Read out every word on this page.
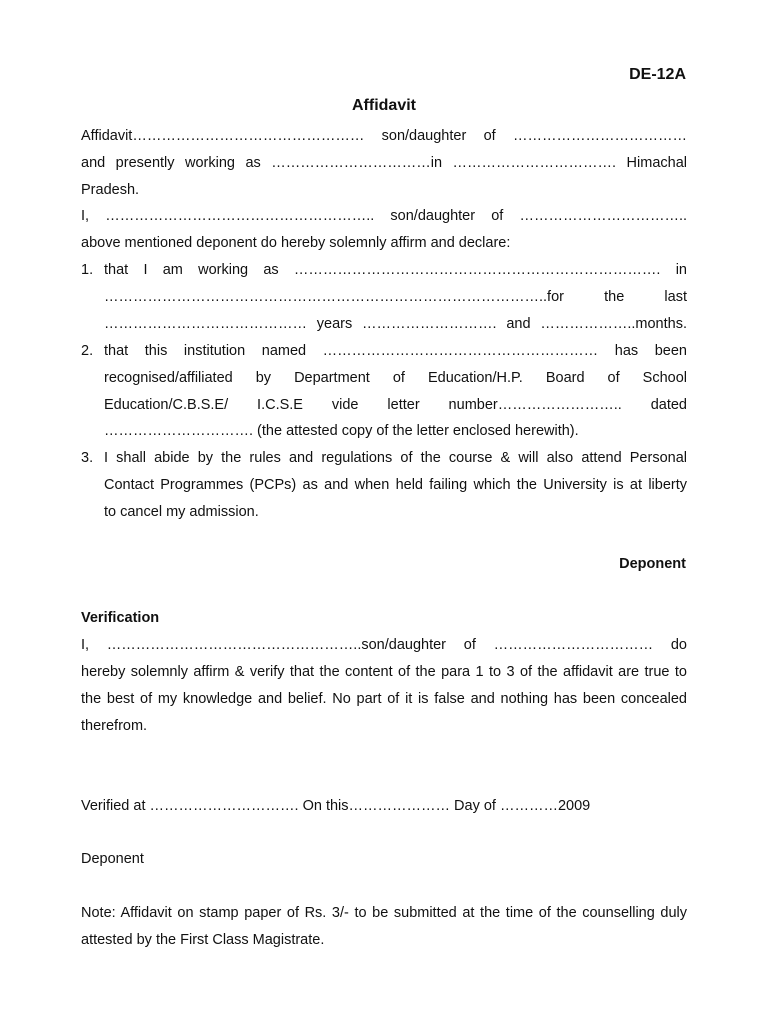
DE-12A
Affidavit
Affidavit………………………………………… son/daughter of ………………………………
and presently working as ……………………………in ……………………………. Himachal
Pradesh.
I, ……………………………………………….. son/daughter of ……………………………..
above mentioned deponent do hereby solemnly affirm and declare:
1. that I am working as …………………………………………………………………. in
………………………………………………………………………………..for the last
…………………………………… years ………………………. and ………………..months.
2. that this institution named ………………………………………………… has been
recognised/affiliated by Department of Education/H.P. Board of School
Education/C.B.S.E/ I.C.S.E vide letter number…………………….. dated
…………………………. (the attested copy of the letter enclosed herewith).
3. I shall abide by the rules and regulations of the course & will also attend Personal
Contact Programmes (PCPs) as and when held failing which the University is at liberty
to cancel my admission.
Deponent
Verification
I, ……………………………………………..son/daughter of …………………………… do
hereby solemnly affirm & verify that the content of the para 1 to 3 of the affidavit are true to
the best of my knowledge and belief. No part of it is false and nothing has been concealed
therefrom.
Verified at …………………………. On this………………… Day of …………2009
Deponent
Note: Affidavit on stamp paper of Rs. 3/- to be submitted at the time of the counselling duly
attested by the First Class Magistrate.
